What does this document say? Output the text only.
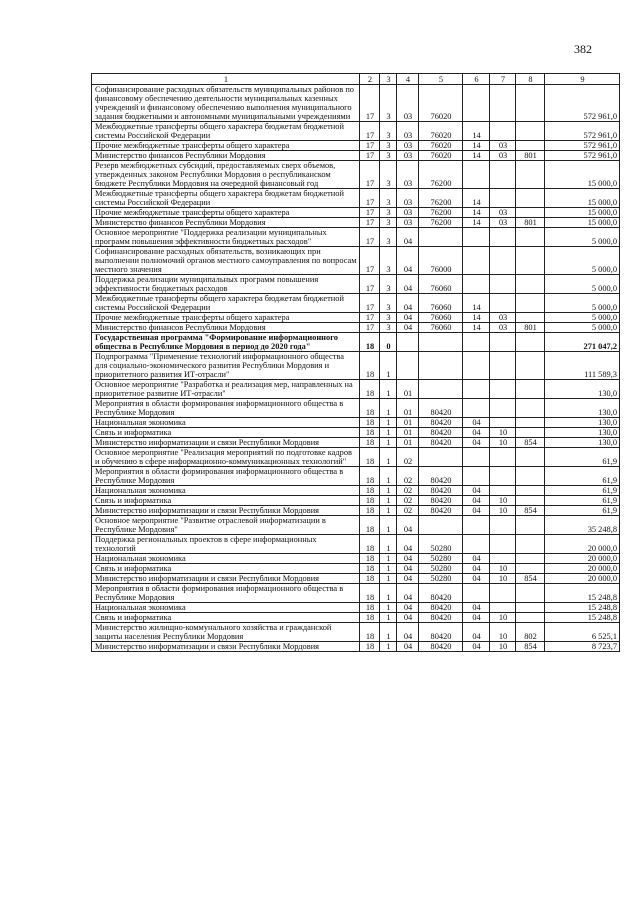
382
1	2	3	4	5	6	7	8	9
Софинансирование расходных обязательств муниципальных районов по финансовому обеспечению деятельности муниципальных казенных учреждений и финансовому обеспечению выполнения муниципального задания бюджетными и автономными муниципальными учреждениями	17	3	03	76020				572 961,0
Межбюджетные трансферты общего характера бюджетам бюджетной системы Российской Федерации	17	3	03	76020	14			572 961,0
Прочие межбюджетные трансферты общего характера	17	3	03	76020	14	03		572 961,0
Министерство финансов Республики Мордовия	17	3	03	76020	14	03	801	572 961,0
Резерв межбюджетных субсидий, предоставляемых сверх объемов, утвержденных законом Республики Мордовия о республиканском бюджете Республики Мордовия на очередной финансовый год	17	3	03	76200				15 000,0
Межбюджетные трансферты общего характера бюджетам бюджетной системы Российской Федерации	17	3	03	76200	14			15 000,0
Прочие межбюджетные трансферты общего характера	17	3	03	76200	14	03		15 000,0
Министерство финансов Республики Мордовия	17	3	03	76200	14	03	801	15 000,0
Основное мероприятие "Поддержка реализации муниципальных программ повышения эффективности бюджетных расходов"	17	3	04					5 000,0
Софинансирование расходных обязательств, возникающих при выполнении полномочий органов местного самоуправления по вопросам местного значения	17	3	04	76000				5 000,0
Поддержка реализации муниципальных программ повышения эффективности бюджетных расходов	17	3	04	76060				5 000,0
Межбюджетные трансферты общего характера бюджетам бюджетной системы Российской Федерации	17	3	04	76060	14			5 000,0
Прочие межбюджетные трансферты общего характера	17	3	04	76060	14	03		5 000,0
Министерство финансов Республики Мордовия	17	3	04	76060	14	03	801	5 000,0
Государственная программа "Формирование информационного общества в Республике Мордовия в период до 2020 года"	18	0						271 047,2
Подпрограмма "Применение технологий информационного общества для социально-экономического развития Республики Мордовия и приоритетного развития ИТ-отрасли"	18	1						111 589,3
Основное мероприятие "Разработка и реализация мер, направленных на приоритетное развитие ИТ-отрасли"	18	1	01					130,0
Мероприятия в области формирования информационного общества в Республике Мордовия	18	1	01	80420				130,0
Национальная экономика	18	1	01	80420	04			130,0
Связь и информатика	18	1	01	80420	04	10		130,0
Министерство информатизации и связи Республики Мордовия	18	1	01	80420	04	10	854	130,0
Основное мероприятие "Реализация мероприятий по подготовке кадров и обучению в сфере информационно-коммуникационных технологий"	18	1	02					61,9
Мероприятия в области формирования информационного общества в Республике Мордовия	18	1	02	80420				61,9
Национальная экономика	18	1	02	80420	04			61,9
Связь и информатика	18	1	02	80420	04	10		61,9
Министерство информатизации и связи Республики Мордовия	18	1	02	80420	04	10	854	61,9
Основное мероприятие "Развитие отраслевой информатизации в Республике Мордовия"	18	1	04					35 248,8
Поддержка региональных проектов в сфере информационных технологий	18	1	04	50280				20 000,0
Национальная экономика	18	1	04	50280	04			20 000,0
Связь и информатика	18	1	04	50280	04	10		20 000,0
Министерство информатизации и связи Республики Мордовия	18	1	04	50280	04	10	854	20 000,0
Мероприятия в области формирования информационного общества в Республике Мордовия	18	1	04	80420				15 248,8
Национальная экономика	18	1	04	80420	04			15 248,8
Связь и информатика	18	1	04	80420	04	10		15 248,8
Министерство жилищно-коммунального хозяйства и гражданской защиты населения Республики Мордовия	18	1	04	80420	04	10	802	6 525,1
Министерство информатизации и связи Республики Мордовия	18	1	04	80420	04	10	854	8 723,7
